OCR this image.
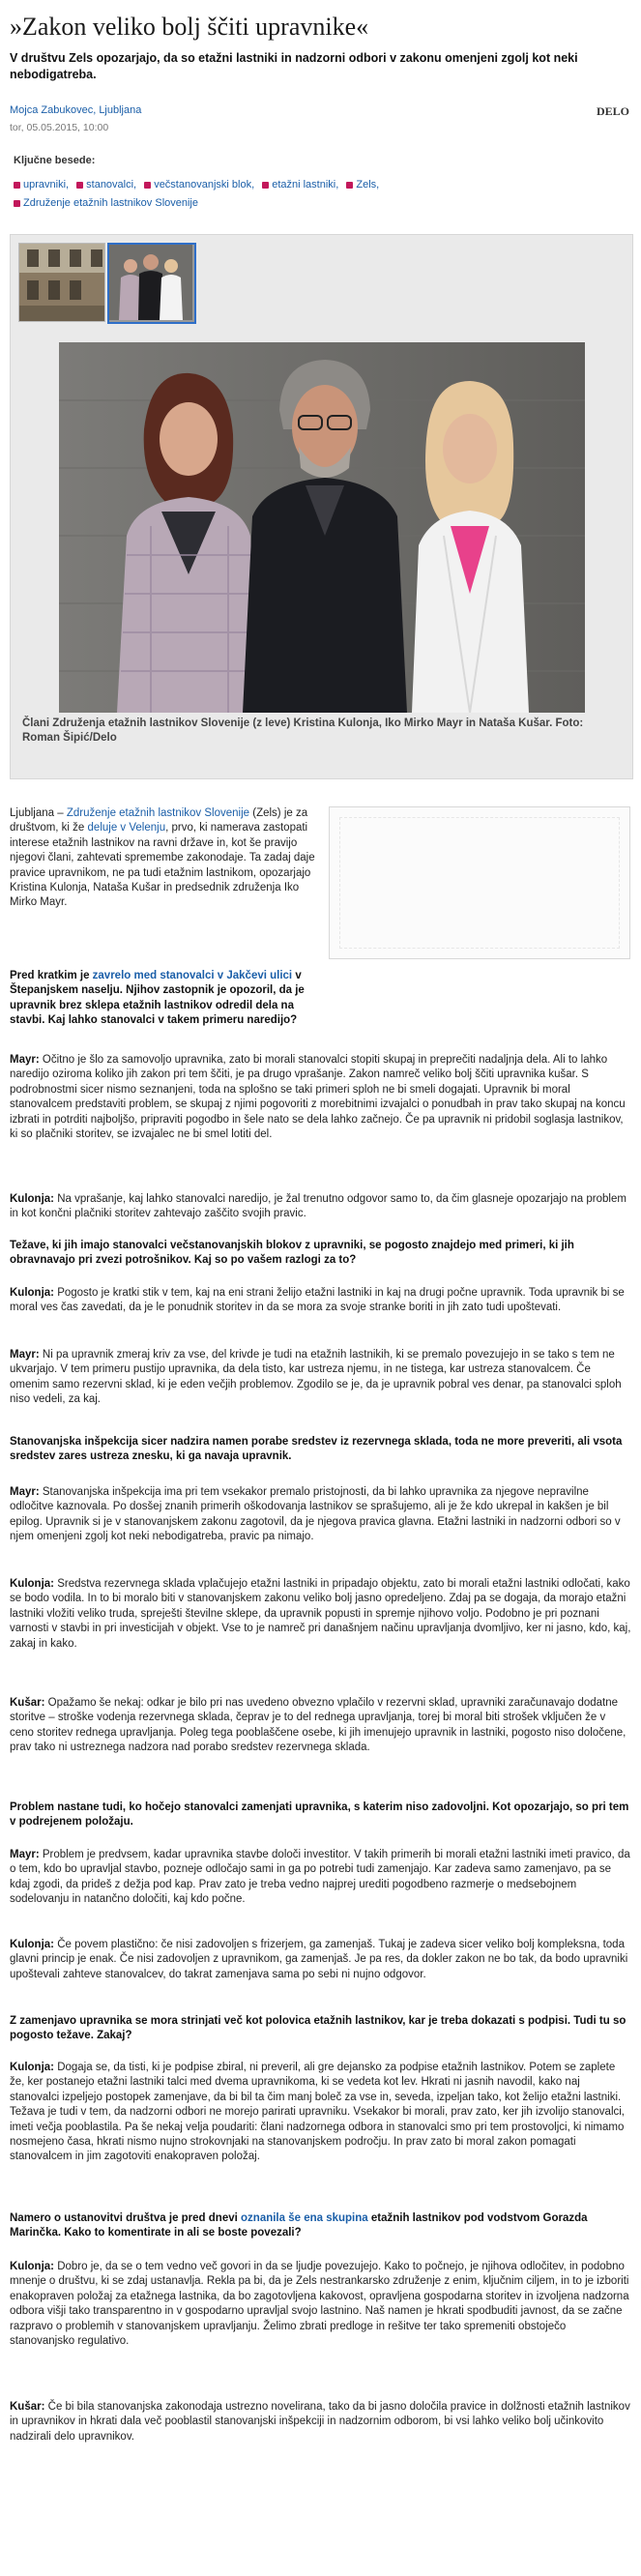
»Zakon veliko bolj ščiti upravnike«

V društvu Zels opozarjajo, da so etažni lastniki in nadzorni odbori v zakonu omenjeni zgolj kot neki nebodigatreba.

Mojca Zabukovec, Ljubljana	DELO
tor, 05.05.2015, 10:00
Ključne besede:
upravniki, stanovalci, večstanovanjski blok, etažni lastniki, Zels,
Združenje etažnih lastnikov Slovenije
Člani Združenja etažnih lastnikov Slovenije (z leve) Kristina Kulonja, Iko Mirko Mayr in Nataša Kušar. Foto: Roman Šipić/Delo

Ljubljana – Združenje etažnih lastnikov Slovenije (Zels) je za društvom, ki že deluje v Velenju, prvo, ki namerava zastopati interese etažnih lastnikov na ravni države in, kot še pravijo njegovi člani, zahtevati spremembe zakonodaje. Ta zadaj daje pravice upravnikom, ne pa tudi etažnim lastnikom, opozarjajo Kristina Kulonja, Nataša Kušar in predsednik združenja Iko Mirko Mayr.

Pred kratkim je zavrelo med stanovalci v Jakčevi ulici v Štepanjskem naselju. Njihov zastopnik je opozoril, da je upravnik brez sklepa etažnih lastnikov odredil dela na stavbi. Kaj lahko stanovalci v takem primeru naredijo?

Mayr: Očitno je šlo za samovoljo upravnika, zato bi morali stanovalci stopiti skupaj in preprečiti nadaljnja dela. Ali to lahko naredijo oziroma koliko jih zakon pri tem ščiti, je pa drugo vprašanje. Zakon namreč veliko bolj ščiti upravnika kušar. S podrobnostmi sicer nismo seznanjeni, toda na splošno se taki primeri sploh ne bi smeli dogajati. Upravnik bi moral stanovalcem predstaviti problem, se skupaj z njimi pogovoriti z morebitnimi izvajalci o ponudbah in prav tako skupaj na koncu izbrati in potrditi najboljšo, pripraviti pogodbo in šele nato se dela lahko začnejo. Če pa upravnik ni pridobil soglasja lastnikov, ki so plačniki storitev, se izvajalec ne bi smel lotiti del.

Kulonja: Na vprašanje, kaj lahko stanovalci naredijo, je žal trenutno odgovor samo to, da čim glasneje opozarjajo na problem in kot končni plačniki storitev zahtevajo zaščito svojih pravic.

Težave, ki jih imajo stanovalci večstanovanjskih blokov z upravniki, se pogosto znajdejo med primeri, ki jih obravnavajo pri zvezi potrošnikov. Kaj so po vašem razlogi za to?

Kulonja: Pogosto je kratki stik v tem, kaj na eni strani želijo etažni lastniki in kaj na drugi počne upravnik. Toda upravnik bi se moral ves čas zavedati, da je le ponudnik storitev in da se mora za svoje stranke boriti in jih zato tudi upoštevati.

Mayr: Ni pa upravnik zmeraj kriv za vse, del krivde je tudi na etažnih lastnikih, ki se premalo povezujejo in se tako s tem ne ukvarjajo. V tem primeru pustijo upravnika, da dela tisto, kar ustreza njemu, in ne tistega, kar ustreza stanovalcem. Če omenim samo rezervni sklad, ki je eden večjih problemov. Zgodilo se je, da je upravnik pobral ves denar, pa stanovalci sploh niso vedeli, za kaj.

Stanovanjska inšpekcija sicer nadzira namen porabe sredstev iz rezervnega sklada, toda ne more preveriti, ali vsota sredstev zares ustreza znesku, ki ga navaja upravnik.

Mayr: Stanovanjska inšpekcija ima pri tem vsekakor premalo pristojnosti, da bi lahko upravnika za njegove nepravilne odločitve kaznovala. Po dosšej znanih primerih oškodovanja lastnikov se sprašujemo, ali je že kdo ukrepal in kakšen je bil epilog. Upravnik si je v stanovanjskem zakonu zagotovil, da je njegova pravica glavna. Etažni lastniki in nadzorni odbori so v njem omenjeni zgolj kot neki nebodigatreba, pravic pa nimajo.

Kulonja: Sredstva rezervnega sklada vplačujejo etažni lastniki in pripadajo objektu, zato bi morali etažni lastniki odločati, kako se bodo vodila. In to bi moralo biti v stanovanjskem zakonu veliko bolj jasno opredeljeno. Zdaj pa se dogaja, da morajo etažni lastniki vložiti veliko truda, spreješti številne sklepe, da upravnik popusti in spremje njihovo voljo. Podobno je pri poznani varnosti v stavbi in pri investicijah v objekt. Vse to je namreč pri današnjem načinu upravljanja dvomljivo, ker ni jasno, kdo, kaj, zakaj in kako.

Kušar: Opažamo še nekaj: odkar je bilo pri nas uvedeno obvezno vplačilo v rezervni sklad, upravniki zaračunavajo dodatne storitve – stroške vodenja rezervnega sklada, čeprav je to del rednega upravljanja, torej bi moral biti strošek vključen že v ceno storitev rednega upravljanja. Poleg tega pooblaščene osebe, ki jih imenujejo upravnik in lastniki, pogosto niso določene, prav tako ni ustreznega nadzora nad porabo sredstev rezervnega sklada.

Problem nastane tudi, ko hočejo stanovalci zamenjati upravnika, s katerim niso zadovoljni. Kot opozarjajo, so pri tem v podrejenem položaju.

Mayr: Problem je predvsem, kadar upravnika stavbe določi investitor. V takih primerih bi morali etažni lastniki imeti pravico, da o tem, kdo bo upravljal stavbo, pozneje odločajo sami in ga po potrebi tudi zamenjajo. Kar zadeva samo zamenjavo, pa se kdaj zgodi, da prideš z dežja pod kap. Prav zato je treba vedno najprej urediti pogodbeno razmerje o medsebojnem sodelovanju in natančno določiti, kaj kdo počne.

Kulonja: Če povem plastično: če nisi zadovoljen s frizerjem, ga zamenjaš. Tukaj je zadeva sicer veliko bolj kompleksna, toda glavni princip je enak. Če nisi zadovoljen z upravnikom, ga zamenjaš. Je pa res, da dokler zakon ne bo tak, da bodo upravniki upoštevali zahteve stanovalcev, do takrat zamenjava sama po sebi ni nujno odgovor.

Z zamenjavo upravnika se mora strinjati več kot polovica etažnih lastnikov, kar je treba dokazati s podpisi. Tudi tu so pogosto težave. Zakaj?

Kulonja: Dogaja se, da tisti, ki je podpise zbiral, ni preveril, ali gre dejansko za podpise etažnih lastnikov. Potem se zaplete že, ker postanejo etažni lastniki talci med dvema upravnikoma, ki se vedeta kot lev. Hkrati ni jasnih navodil, kako naj stanovalci izpeljejo postopek zamenjave, da bi bil ta čim manj boleč za vse in, seveda, izpeljan tako, kot želijo etažni lastniki. Težava je tudi v tem, da nadzorni odbori ne morejo parirati upravniku. Vsekakor bi morali, prav zato, ker jih izvolijo stanovalci, imeti večja pooblastila. Pa še nekaj velja poudariti: člani nadzornega odbora in stanovalci smo pri tem prostovoljci, ki nimamo nosmejeno časa, hkrati nismo nujno strokovnjaki na stanovanjskem področju. In prav zato bi moral zakon pomagati stanovalcem in jim zagotoviti enakopraven položaj.

Namero o ustanovitvi društva je pred dnevi oznanila še ena skupina etažnih lastnikov pod vodstvom Gorazda Marinčka. Kako to komentirate in ali se boste povezali?

Kulonja: Dobro je, da se o tem vedno več govori in da se ljudje povezujejo. Kako to počnejo, je njihova odločitev, in podobno mnenje o društvu, ki se zdaj ustanavlja. Rekla pa bi, da je Zels nestrankarsko združenje z enim, ključnim ciljem, in to je izboriti enakopraven položaj za etažnega lastnika, da bo zagotovljena kakovost, opravljena gospodarna storitev in izvoljena nadzorna odbora višji tako transparentno in v gospodarno upravljal svojo lastnino. Naš namen je hkrati spodbuditi javnost, da se začne razpravo o problemih v stanovanjskem upravljanju. Želimo zbrati predloge in rešitve ter tako spremeniti obstoječo stanovanjsko regulativo.

Kušar: Če bi bila stanovanjska zakonodaja ustrezno novelirana, tako da bi jasno določila pravice in dolžnosti etažnih lastnikov in upravnikov in hkrati dala več pooblastil stanovanjski inšpekciji in nadzornim odborom, bi vsi lahko veliko bolj učinkovito nadzirali delo upravnikov.
